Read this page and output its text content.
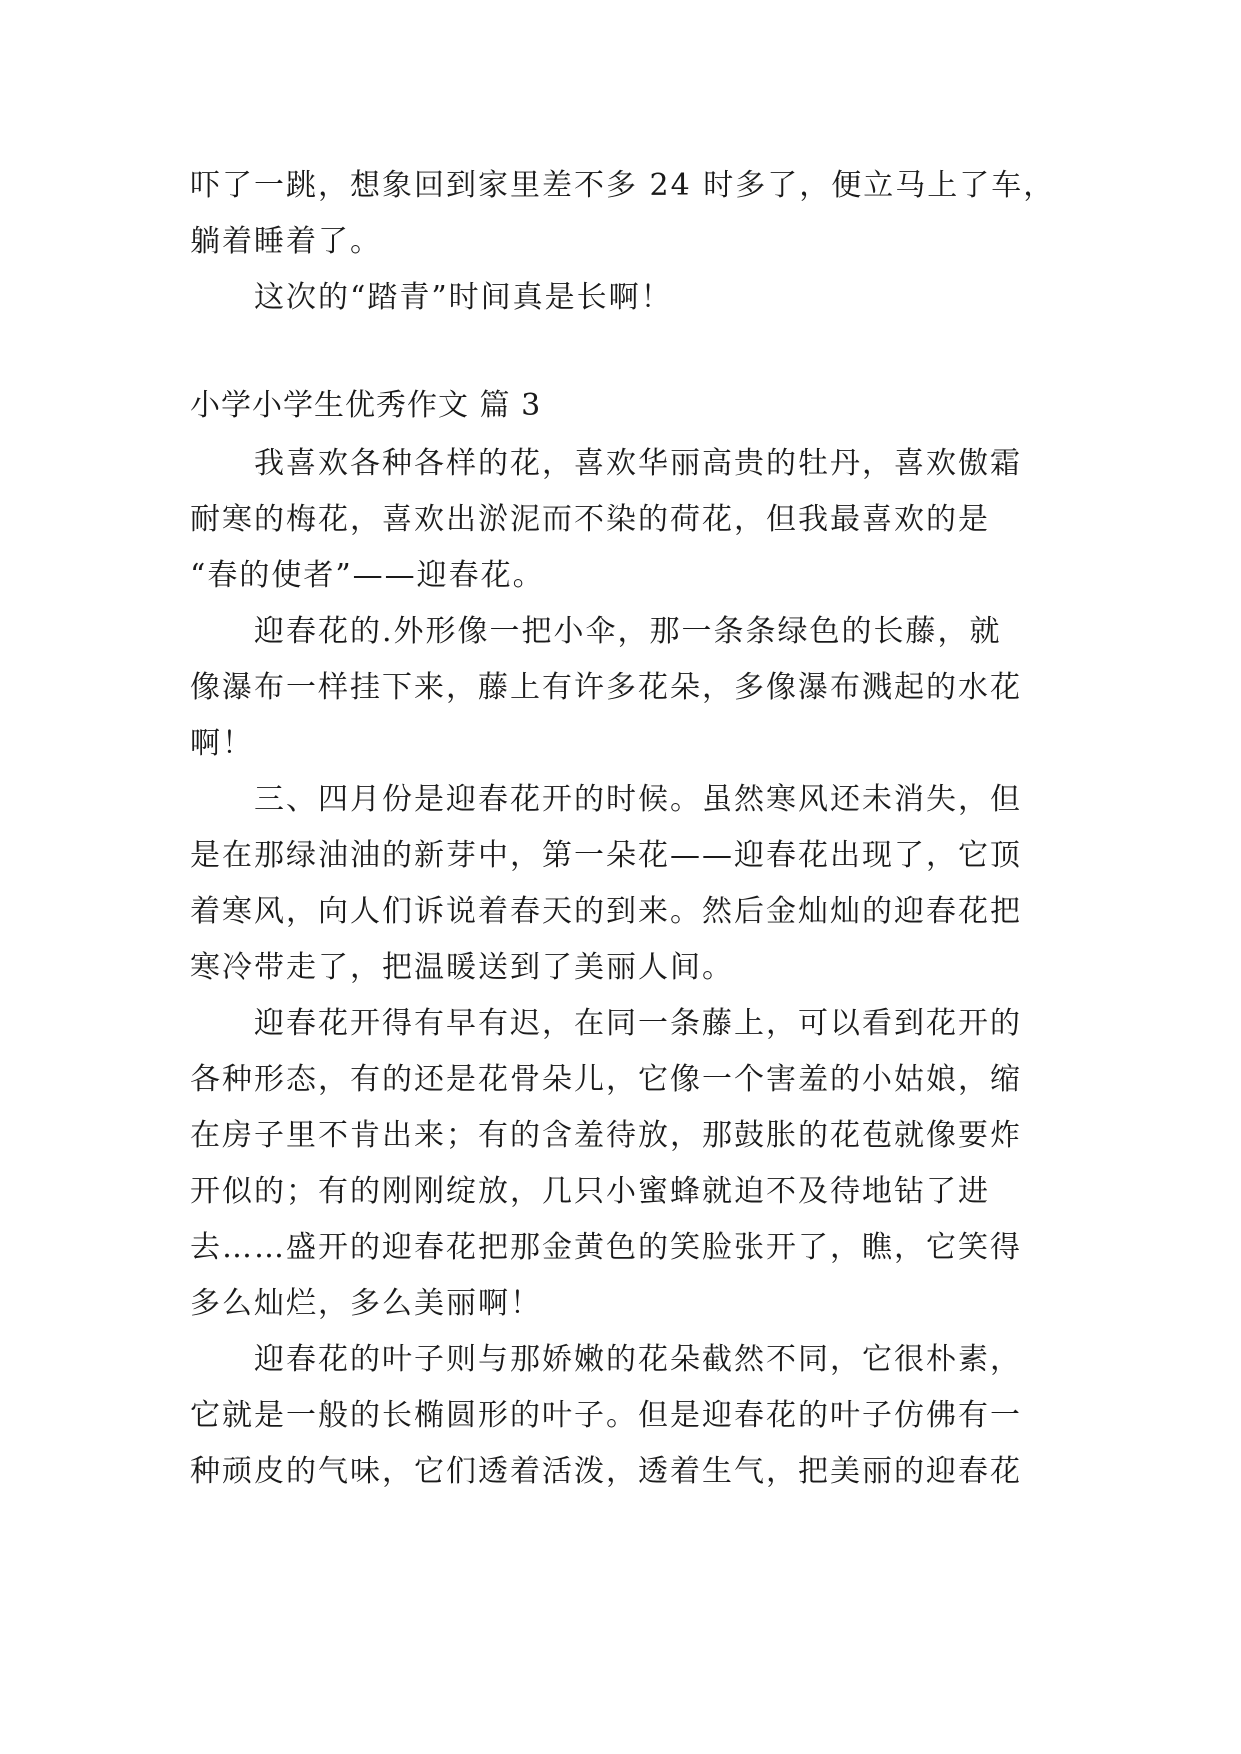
吓了一跳，想象回到家里差不多 24 时多了，便立马上了车，
躺着睡着了。
这次的“踏青”时间真是长啊！
小学小学生优秀作文 篇 3
我喜欢各种各样的花，喜欢华丽高贵的牡丹，喜欢傲霜
耐寒的梅花，喜欢出淤泥而不染的荷花，但我最喜欢的是
“春的使者”——迎春花。
迎春花的.外形像一把小伞，那一条条绿色的长藤，就
像瀑布一样挂下来，藤上有许多花朵，多像瀑布溅起的水花
啊！
三、四月份是迎春花开的时候。虽然寒风还未消失，但
是在那绿油油的新芽中，第一朵花——迎春花出现了，它顶
着寒风，向人们诉说着春天的到来。然后金灿灿的迎春花把
寒冷带走了，把温暖送到了美丽人间。
迎春花开得有早有迟，在同一条藤上，可以看到花开的
各种形态，有的还是花骨朵儿，它像一个害羞的小姑娘，缩
在房子里不肯出来；有的含羞待放，那鼓胀的花苞就像要炸
开似的；有的刚刚绽放，几只小蜜蜂就迫不及待地钻了进
去……盛开的迎春花把那金黄色的笑脸张开了，瞧，它笑得
多么灿烂，多么美丽啊！
迎春花的叶子则与那娇嫩的花朵截然不同，它很朴素，
它就是一般的长椭圆形的叶子。但是迎春花的叶子仿佛有一
种顽皮的气味，它们透着活泼，透着生气，把美丽的迎春花
